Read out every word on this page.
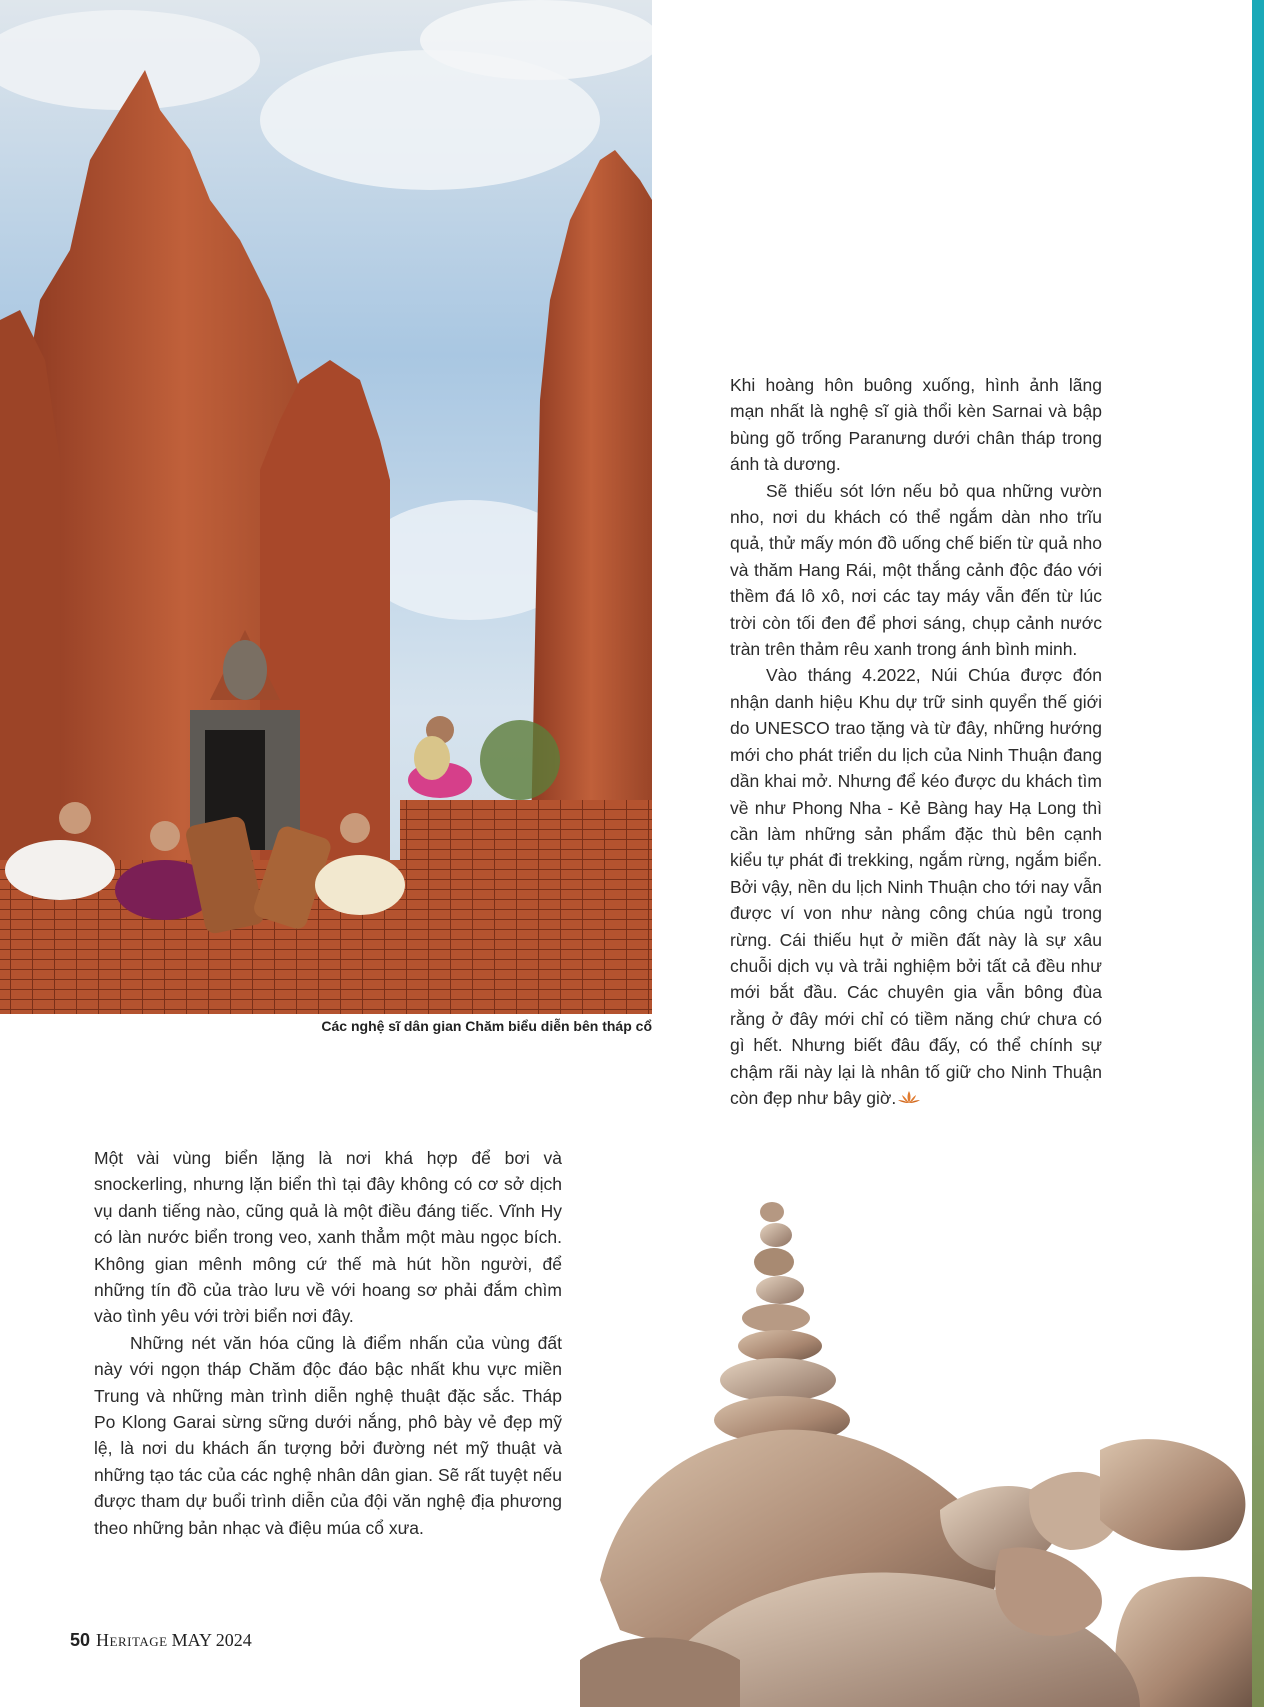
Các nghệ sĩ dân gian Chăm biểu diễn bên tháp cổ

Khi hoàng hôn buông xuống, hình ảnh lãng mạn nhất là nghệ sĩ già thổi kèn Sarnai và bập bùng gõ trống Paranưng dưới chân tháp trong ánh tà dương.

Sẽ thiếu sót lớn nếu bỏ qua những vườn nho, nơi du khách có thể ngắm dàn nho trĩu quả, thử mấy món đồ uống chế biến từ quả nho và thăm Hang Rái, một thắng cảnh độc đáo với thềm đá lô xô, nơi các tay máy vẫn đến từ lúc trời còn tối đen để phơi sáng, chụp cảnh nước tràn trên thảm rêu xanh trong ánh bình minh.

Vào tháng 4.2022, Núi Chúa được đón nhận danh hiệu Khu dự trữ sinh quyển thế giới do UNESCO trao tặng và từ đây, những hướng mới cho phát triển du lịch của Ninh Thuận đang dần khai mở. Nhưng để kéo được du khách tìm về như Phong Nha - Kẻ Bàng hay Hạ Long thì cần làm những sản phẩm đặc thù bên cạnh kiểu tự phát đi trekking, ngắm rừng, ngắm biển. Bởi vậy, nền du lịch Ninh Thuận cho tới nay vẫn được ví von như nàng công chúa ngủ trong rừng. Cái thiếu hụt ở miền đất này là sự xâu chuỗi dịch vụ và trải nghiệm bởi tất cả đều như mới bắt đầu. Các chuyên gia vẫn bông đùa rằng ở đây mới chỉ có tiềm năng chứ chưa có gì hết. Nhưng biết đâu đấy, có thể chính sự chậm rãi này lại là nhân tố giữ cho Ninh Thuận còn đẹp như bây giờ.

Một vài vùng biển lặng là nơi khá hợp để bơi và snockerling, nhưng lặn biển thì tại đây không có cơ sở dịch vụ danh tiếng nào, cũng quả là một điều đáng tiếc. Vĩnh Hy có làn nước biển trong veo, xanh thẳm một màu ngọc bích. Không gian mênh mông cứ thế mà hút hồn người, để những tín đồ của trào lưu về với hoang sơ phải đắm chìm vào tình yêu với trời biển nơi đây.

Những nét văn hóa cũng là điểm nhấn của vùng đất này với ngọn tháp Chăm độc đáo bậc nhất khu vực miền Trung và những màn trình diễn nghệ thuật đặc sắc. Tháp Po Klong Garai sừng sững dưới nắng, phô bày vẻ đẹp mỹ lệ, là nơi du khách ấn tượng bởi đường nét mỹ thuật và những tạo tác của các nghệ nhân dân gian. Sẽ rất tuyệt nếu được tham dự buổi trình diễn của đội văn nghệ địa phương theo những bản nhạc và điệu múa cổ xưa.

50 Heritage MAY 2024
